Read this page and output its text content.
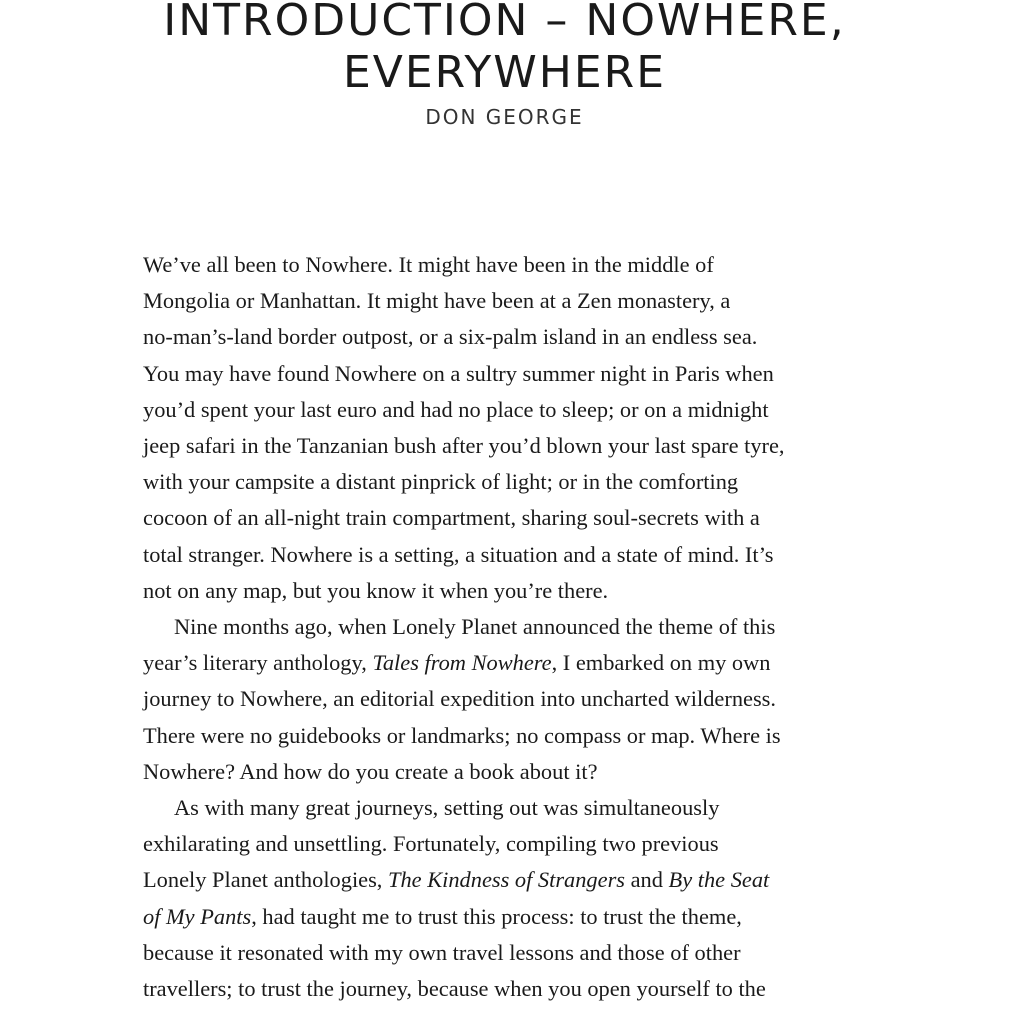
INTRODUCTION – NOWHERE,
EVERYWHERE
DON GEORGE
We’ve all been to Nowhere. It might have been in the middle of
Mongolia or Manhattan. It might have been at a Zen monastery, a
no-man’s-land border outpost, or a six-palm island in an endless sea.
You may have found Nowhere on a sultry summer night in Paris when
you’d spent your last euro and had no place to sleep; or on a midnight
jeep safari in the Tanzanian bush after you’d blown your last spare tyre,
with your campsite a distant pinprick of light; or in the comforting
cocoon of an all-night train compartment, sharing soul-secrets with a
total stranger. Nowhere is a setting, a situation and a state of mind. It’s
not on any map, but you know it when you’re there.
Nine months ago, when Lonely Planet announced the theme of this
year’s literary anthology, Tales from Nowhere, I embarked on my own
journey to Nowhere, an editorial expedition into uncharted wilderness.
There were no guidebooks or landmarks; no compass or map. Where is
Nowhere? And how do you create a book about it?
As with many great journeys, setting out was simultaneously
exhilarating and unsettling. Fortunately, compiling two previous
Lonely Planet anthologies, The Kindness of Strangers and By the Seat
of My Pants, had taught me to trust this process: to trust the theme,
because it resonated with my own travel lessons and those of other
travellers; to trust the journey, because when you open yourself to the
